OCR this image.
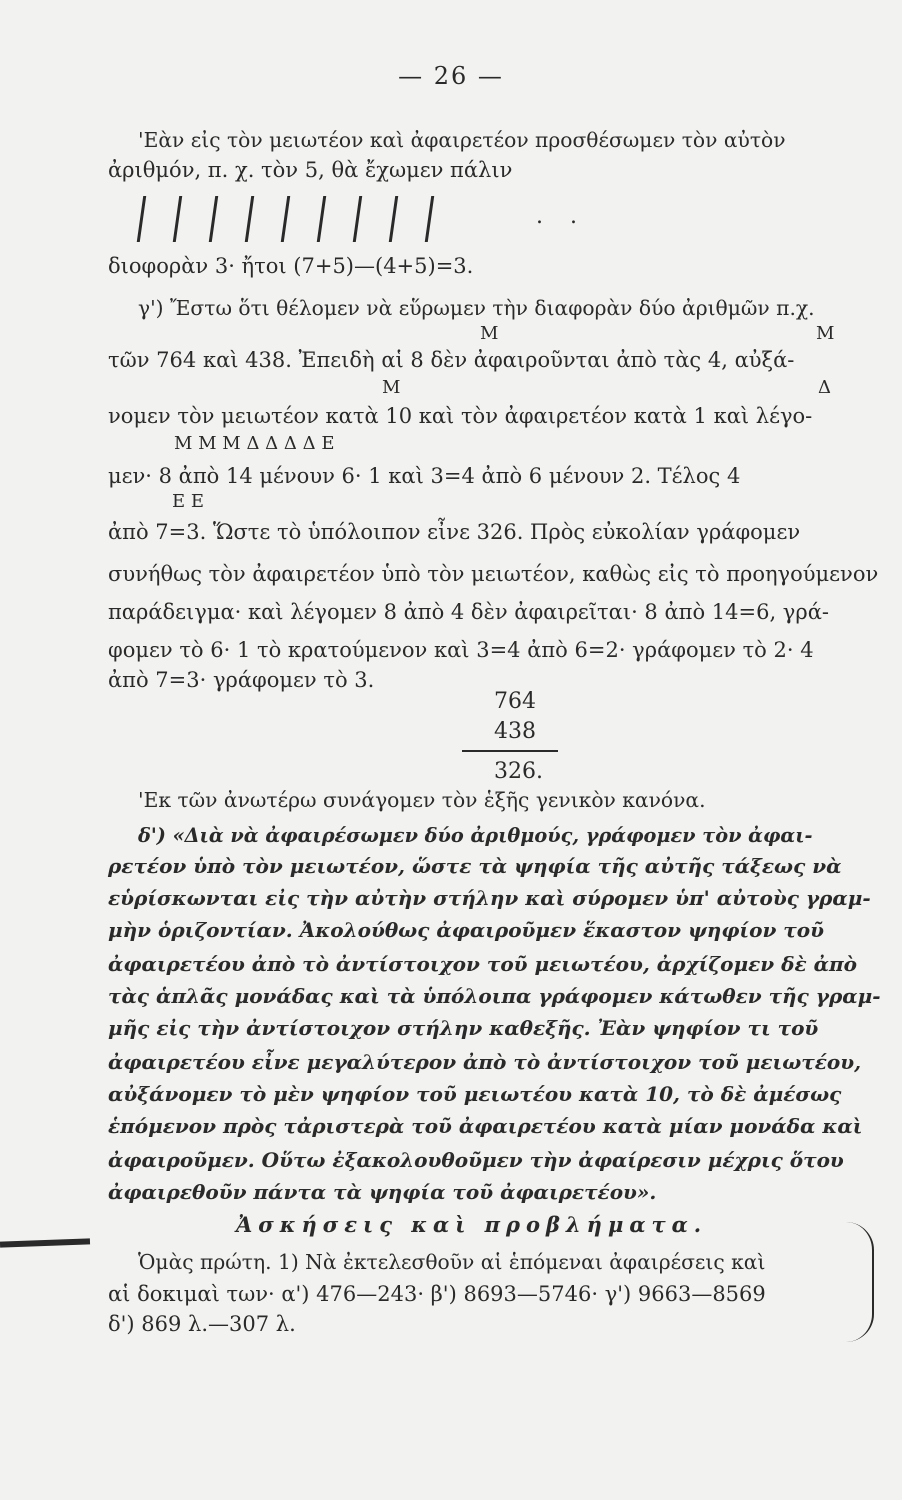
— 26 —
'Εὰν εἰς τὸν μειωτέον καὶ ἀφαιρετέον προσθέσωμεν τὸν αὐτὸν
ἀριθμόν, π. χ. τὸν 5, θὰ ἔχωμεν πάλιν
. .
διοφορὰν 3· ἤτοι (7+5)—(4+5)=3.
γ') Ἔστω ὅτι θέλομεν νὰ εὕρωμεν τὴν διαφορὰν δύο ἀριθμῶν π.χ.
Μ	Μ
τῶν 764 καὶ 438. Ἐπειδὴ αἱ 8 δὲν ἀφαιροῦνται ἀπὸ τὰς 4, αὐξά-
Μ	Δ
νομεν τὸν μειωτέον κατὰ 10 καὶ τὸν ἀφαιρετέον κατὰ 1 καὶ λέγο-
Μ Μ Μ Δ Δ Δ Δ Ε
μεν· 8 ἀπὸ 14 μένουν 6· 1 καὶ 3=4 ἀπὸ 6 μένουν 2. Τέλος 4
Ε Ε
ἀπὸ 7=3. Ὥστε τὸ ὑπόλοιπον εἶνε 326. Πρὸς εὐκολίαν γράφομεν
συνήθως τὸν ἀφαιρετέον ὑπὸ τὸν μειωτέον, καθὼς εἰς τὸ προηγούμενον
παράδειγμα· καὶ λέγομεν 8 ἀπὸ 4 δὲν ἀφαιρεῖται· 8 ἀπὸ 14=6, γρά-
φομεν τὸ 6· 1 τὸ κρατούμενον καὶ 3=4 ἀπὸ 6=2· γράφομεν τὸ 2· 4
ἀπὸ 7=3· γράφομεν τὸ 3.
764
438
326.
'Εκ τῶν ἀνωτέρω συνάγομεν τὸν ἑξῆς γενικὸν κανόνα.
δ') «Διὰ νὰ ἀφαιρέσωμεν δύο ἀριθμούς, γράφομεν τὸν ἀφαι-
ρετέον ὑπὸ τὸν μειωτέον, ὥστε τὰ ψηφία τῆς αὐτῆς τάξεως νὰ
εὑρίσκωνται εἰς τὴν αὐτὴν στήλην καὶ σύρομεν ὑπ' αὐτοὺς γραμ-
μὴν ὁριζοντίαν. Ἀκολούθως ἀφαιροῦμεν ἕκαστον ψηφίον τοῦ
ἀφαιρετέου ἀπὸ τὸ ἀντίστοιχον τοῦ μειωτέου, ἀρχίζομεν δὲ ἀπὸ
τὰς ἁπλᾶς μονάδας καὶ τὰ ὑπόλοιπα γράφομεν κάτωθεν τῆς γραμ-
μῆς εἰς τὴν ἀντίστοιχον στήλην καθεξῆς. Ἐὰν ψηφίον τι τοῦ
ἀφαιρετέου εἶνε μεγαλύτερον ἀπὸ τὸ ἀντίστοιχον τοῦ μειωτέου,
αὐξάνομεν τὸ μὲν ψηφίον τοῦ μειωτέου κατὰ 10, τὸ δὲ ἀμέσως
ἑπόμενον πρὸς τἀριστερὰ τοῦ ἀφαιρετέου κατὰ μίαν μονάδα καὶ
ἀφαιροῦμεν. Οὕτω ἐξακολουθοῦμεν τὴν ἀφαίρεσιν μέχρις ὅτου
ἀφαιρεθοῦν πάντα τὰ ψηφία τοῦ ἀφαιρετέου».
Ἀσκήσεις καὶ προβλήματα.
Ὁμὰς πρώτη. 1) Νὰ ἐκτελεσθοῦν αἱ ἑπόμεναι ἀφαιρέσεις καὶ
αἱ δοκιμαὶ των· α') 476—243· β') 8693—5746· γ') 9663—8569
δ') 869 λ.—307 λ.
